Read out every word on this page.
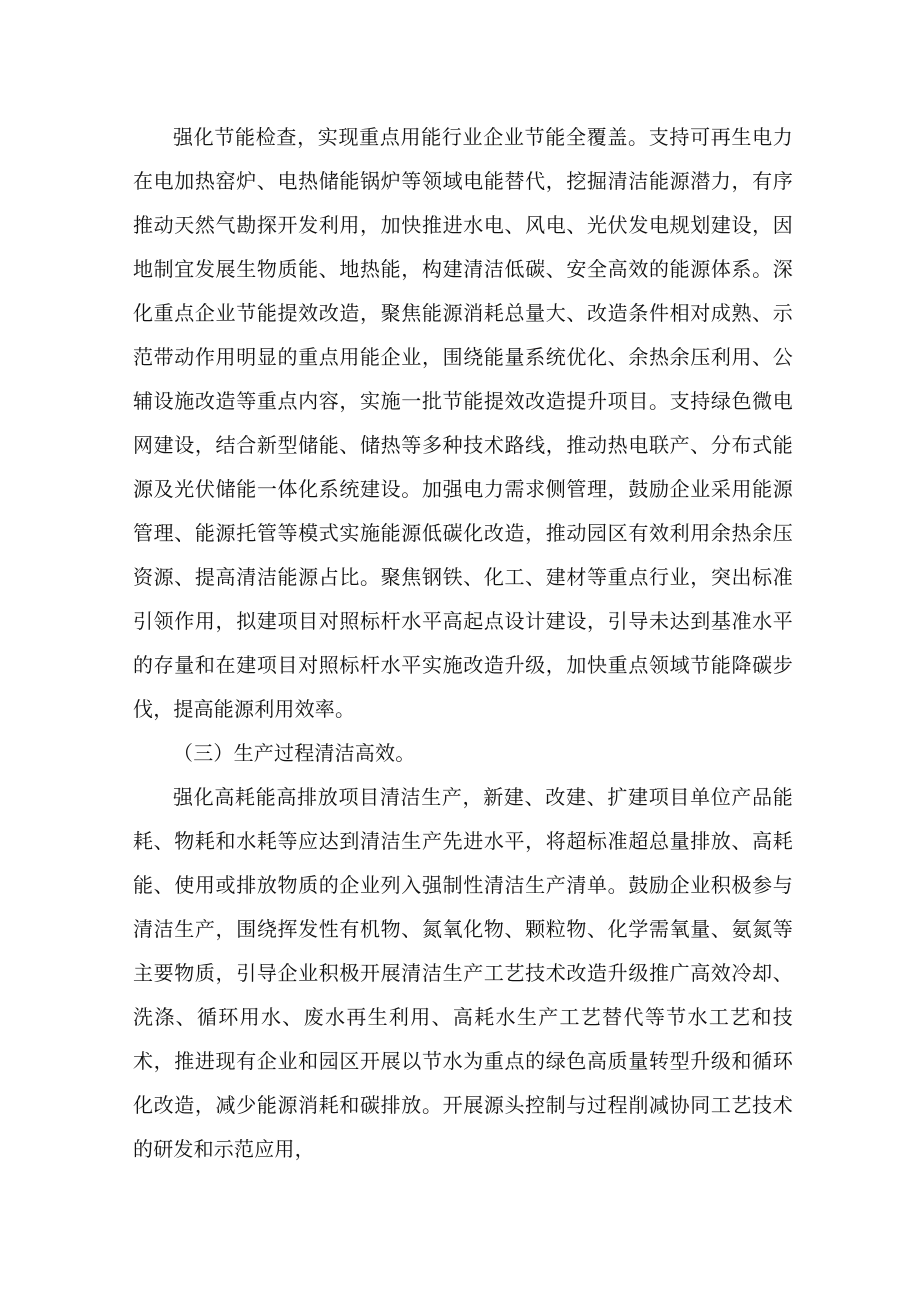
强化节能检查，实现重点用能行业企业节能全覆盖。支持可再生电力在电加热窑炉、电热储能锅炉等领域电能替代，挖掘清洁能源潜力，有序推动天然气勘探开发利用，加快推进水电、风电、光伏发电规划建设，因地制宜发展生物质能、地热能，构建清洁低碳、安全高效的能源体系。深化重点企业节能提效改造，聚焦能源消耗总量大、改造条件相对成熟、示范带动作用明显的重点用能企业，围绕能量系统优化、余热余压利用、公辅设施改造等重点内容，实施一批节能提效改造提升项目。支持绿色微电网建设，结合新型储能、储热等多种技术路线，推动热电联产、分布式能源及光伏储能一体化系统建设。加强电力需求侧管理，鼓励企业采用能源管理、能源托管等模式实施能源低碳化改造，推动园区有效利用余热余压资源、提高清洁能源占比。聚焦钢铁、化工、建材等重点行业，突出标准引领作用，拟建项目对照标杆水平高起点设计建设，引导未达到基准水平的存量和在建项目对照标杆水平实施改造升级，加快重点领域节能降碳步伐，提高能源利用效率。

（三）生产过程清洁高效。

强化高耗能高排放项目清洁生产，新建、改建、扩建项目单位产品能耗、物耗和水耗等应达到清洁生产先进水平，将超标准超总量排放、高耗能、使用或排放物质的企业列入强制性清洁生产清单。鼓励企业积极参与清洁生产，围绕挥发性有机物、氮氧化物、颗粒物、化学需氧量、氨氮等主要物质，引导企业积极开展清洁生产工艺技术改造升级推广高效冷却、洗涤、循环用水、废水再生利用、高耗水生产工艺替代等节水工艺和技术，推进现有企业和园区开展以节水为重点的绿色高质量转型升级和循环化改造，减少能源消耗和碳排放。开展源头控制与过程削减协同工艺技术的研发和示范应用，
